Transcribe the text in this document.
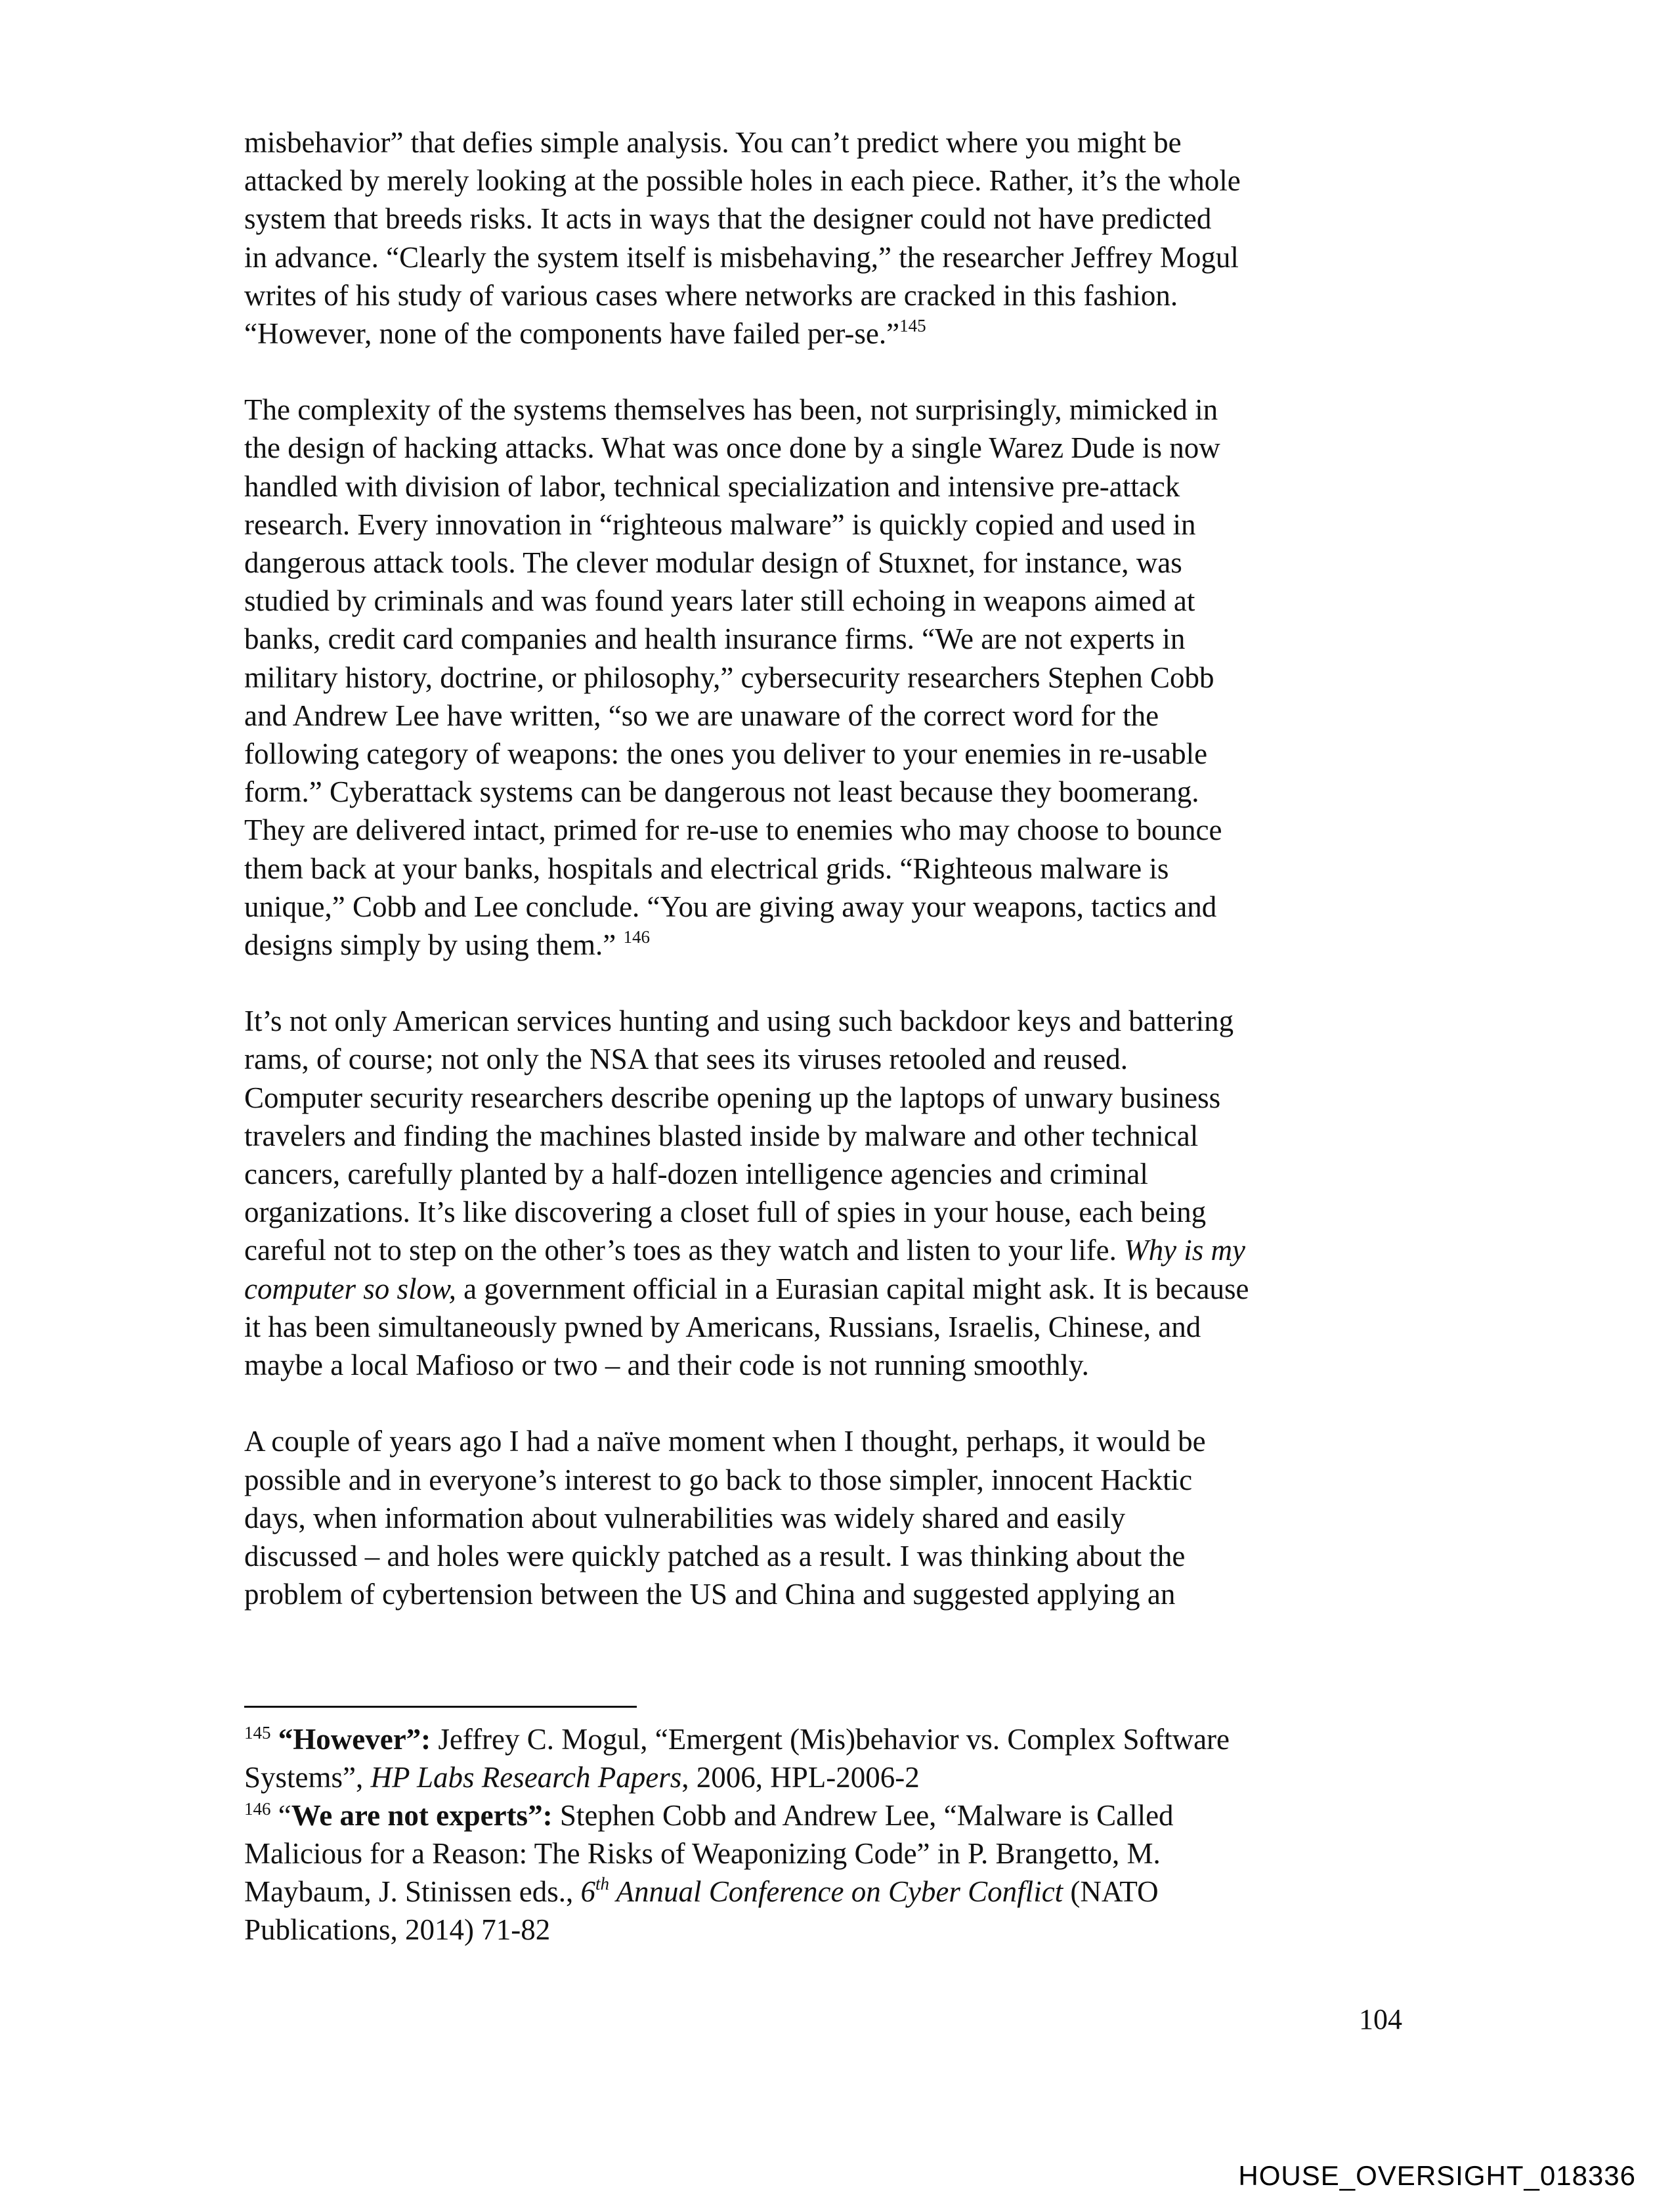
misbehavior” that defies simple analysis. You can’t predict where you might be
attacked by merely looking at the possible holes in each piece. Rather, it’s the whole
system that breeds risks. It acts in ways that the designer could not have predicted
in advance. “Clearly the system itself is misbehaving,” the researcher Jeffrey Mogul
writes of his study of various cases where networks are cracked in this fashion.
“However, none of the components have failed per-se.”$^{145}$

The complexity of the systems themselves has been, not surprisingly, mimicked in
the design of hacking attacks. What was once done by a single Warez Dude is now
handled with division of labor, technical specialization and intensive pre-attack
research. Every innovation in “righteous malware” is quickly copied and used in
dangerous attack tools. The clever modular design of Stuxnet, for instance, was
studied by criminals and was found years later still echoing in weapons aimed at
banks, credit card companies and health insurance firms. “We are not experts in
military history, doctrine, or philosophy,” cybersecurity researchers Stephen Cobb
and Andrew Lee have written, “so we are unaware of the correct word for the
following category of weapons: the ones you deliver to your enemies in re-usable
form.” Cyberattack systems can be dangerous not least because they boomerang.
They are delivered intact, primed for re-use to enemies who may choose to bounce
them back at your banks, hospitals and electrical grids. “Righteous malware is
unique,” Cobb and Lee conclude. “You are giving away your weapons, tactics and
designs simply by using them.” $^{146}$

It’s not only American services hunting and using such backdoor keys and battering
rams, of course; not only the NSA that sees its viruses retooled and reused.
Computer security researchers describe opening up the laptops of unwary business
travelers and finding the machines blasted inside by malware and other technical
cancers, carefully planted by a half-dozen intelligence agencies and criminal
organizations. It’s like discovering a closet full of spies in your house, each being
careful not to step on the other’s toes as they watch and listen to your life. Why is my
computer so slow, a government official in a Eurasian capital might ask. It is because
it has been simultaneously pwned by Americans, Russians, Israelis, Chinese, and
maybe a local Mafioso or two – and their code is not running smoothly.

A couple of years ago I had a naïve moment when I thought, perhaps, it would be
possible and in everyone’s interest to go back to those simpler, innocent Hacktic
days, when information about vulnerabilities was widely shared and easily
discussed – and holes were quickly patched as a result. I was thinking about the
problem of cybertension between the US and China and suggested applying an

$^{145}$ “However”: Jeffrey C. Mogul, “Emergent (Mis)behavior vs. Complex Software
Systems”, HP Labs Research Papers, 2006, HPL-2006-2
$^{146}$ “We are not experts”: Stephen Cobb and Andrew Lee, “Malware is Called
Malicious for a Reason: The Risks of Weaponizing Code” in P. Brangetto, M.
Maybaum, J. Stinissen eds., 6th Annual Conference on Cyber Conflict (NATO
Publications, 2014) 71-82
104
HOUSE_OVERSIGHT_018336
